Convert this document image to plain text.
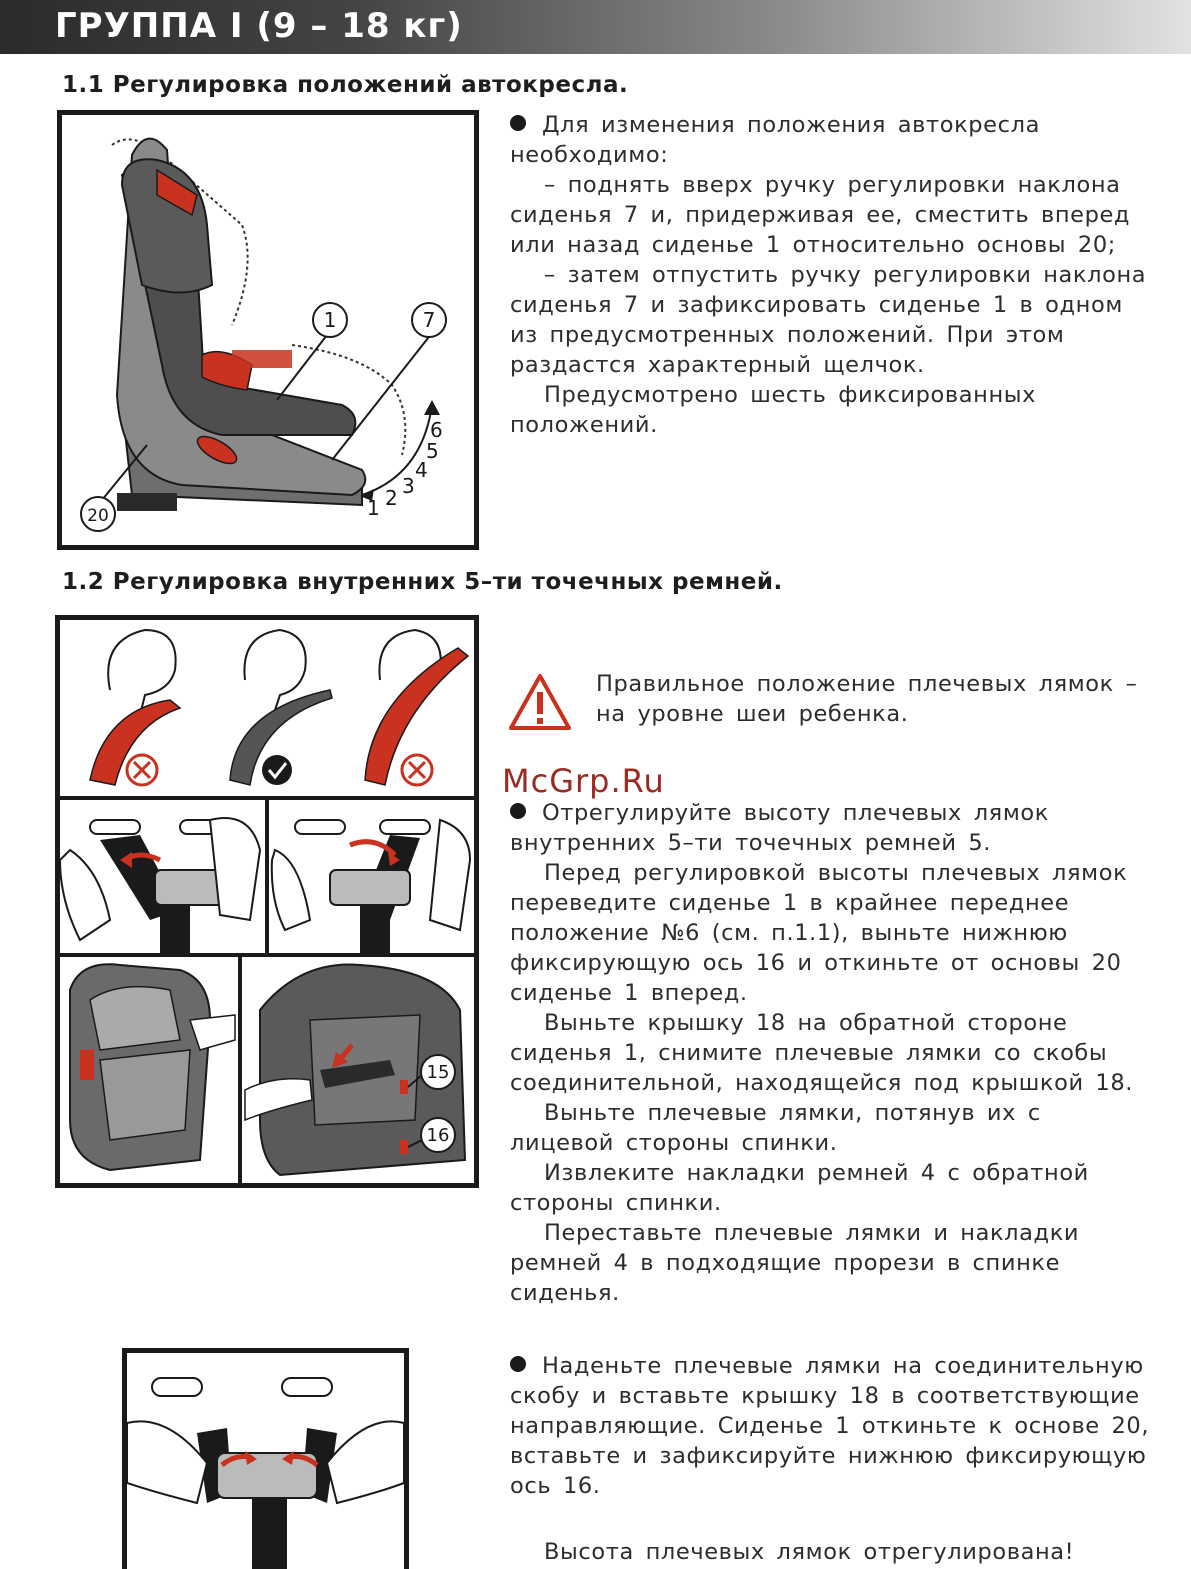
ГРУППА I (9 – 18 кг)
1.1 Регулировка положений автокресла.
1 2 3
4
5
6
1	7
20

Для изменения положения автокресла необходимо:

– поднять вверх ручку регулировки наклона сиденья 7 и, придерживая ее, сместить вперед или назад сиденье 1 относительно основы 20;

– затем отпустить ручку регулировки наклона сиденья 7 и зафиксировать сиденье 1 в одном из предусмотренных положений. При этом раздастся характерный щелчок.

Предусмотрено шесть фиксированных положений.

1.2 Регулировка внутренних 5–ти точечных ремней.
15
16
Правильное положение плечевых лямок – на уровне шеи ребенка.
McGrp.Ru

Отрегулируйте высоту плечевых лямок внутренних 5–ти точечных ремней 5.

Перед регулировкой высоты плечевых лямок переведите сиденье 1 в крайнее переднее положение №6 (см. п.1.1), выньте нижнюю фиксирующую ось 16 и откиньте от основы 20 сиденье 1 вперед.

Выньте крышку 18 на обратной стороне сиденья 1, снимите плечевые лямки со скобы соединительной, находящейся под крышкой 18.

Выньте плечевые лямки, потянув их с лицевой стороны спинки.

Извлеките накладки ремней 4 с обратной стороны спинки.

Переставьте плечевые лямки и накладки ремней 4 в подходящие прорези в спинке сиденья.

Наденьте плечевые лямки на соединительную скобу и вставьте крышку 18 в соответствующие направляющие. Сиденье 1 откиньте к основе 20, вставьте и зафиксируйте нижнюю фиксирующую ось 16.

Высота плечевых лямок отрегулирована!
